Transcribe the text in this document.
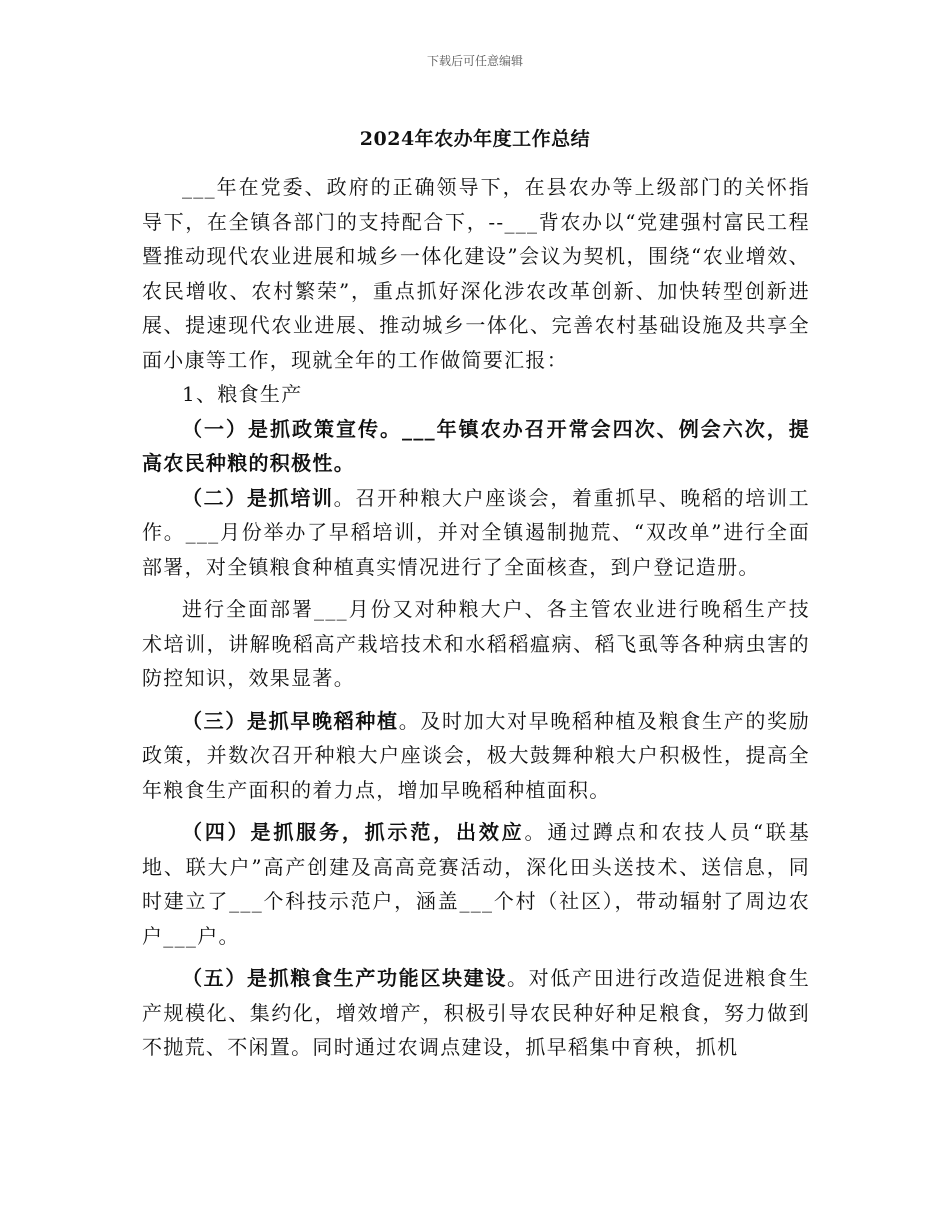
下载后可任意编辑
2024年农办年度工作总结

___年在党委、政府的正确领导下，在县农办等上级部门的关怀指导下，在全镇各部门的支持配合下，--___背农办以“党建强村富民工程暨推动现代农业进展和城乡一体化建设”会议为契机，围绕“农业增效、农民增收、农村繁荣”，重点抓好深化涉农改革创新、加快转型创新进展、提速现代农业进展、推动城乡一体化、完善农村基础设施及共享全面小康等工作，现就全年的工作做简要汇报：

1、粮食生产

（一）是抓政策宣传。___年镇农办召开常会四次、例会六次，提高农民种粮的积极性。

（二）是抓培训。召开种粮大户座谈会，着重抓早、晚稻的培训工作。___月份举办了早稻培训，并对全镇遏制抛荒、“双改单”进行全面部署，对全镇粮食种植真实情况进行了全面核查，到户登记造册。

进行全面部署___月份又对种粮大户、各主管农业进行晚稻生产技术培训，讲解晚稻高产栽培技术和水稻稻瘟病、稻飞虱等各种病虫害的防控知识，效果显著。

（三）是抓早晚稻种植。及时加大对早晚稻种植及粮食生产的奖励政策，并数次召开种粮大户座谈会，极大鼓舞种粮大户积极性，提高全年粮食生产面积的着力点，增加早晚稻种植面积。

（四）是抓服务，抓示范，出效应。通过蹲点和农技人员“联基地、联大户”高产创建及高高竞赛活动，深化田头送技术、送信息，同时建立了___个科技示范户，涵盖___个村（社区），带动辐射了周边农户___户。

（五）是抓粮食生产功能区块建设。对低产田进行改造促进粮食生产规模化、集约化，增效增产，积极引导农民种好种足粮食，努力做到不抛荒、不闲置。同时通过农调点建设，抓早稻集中育秧，抓机
